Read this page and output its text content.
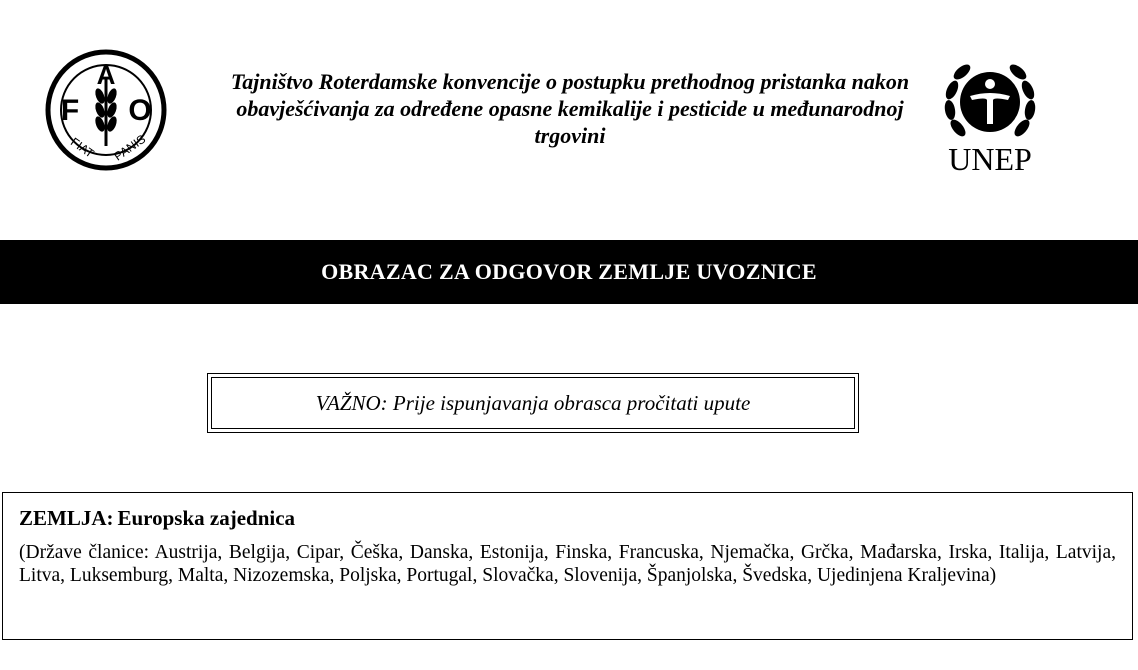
F
A
O
FIAT PANIS
Tajništvo Roterdamske konvencije o postupku prethodnog pristanka nakon obavješćivanja za određene opasne kemikalije i pesticide u međunarodnoj trgovini
UNEP
OBRAZAC ZA ODGOVOR ZEMLJE UVOZNICE
VAŽNO: Prije ispunjavanja obrasca pročitati upute

ZEMLJA: Europska zajednica

(Države članice: Austrija, Belgija, Cipar, Češka, Danska, Estonija, Finska, Francuska, Njemačka, Grčka, Mađarska, Irska, Italija, Latvija, Litva, Luksemburg, Malta, Nizozemska, Poljska, Portugal, Slovačka, Slovenija, Španjolska, Švedska, Ujedinjena Kraljevina)
